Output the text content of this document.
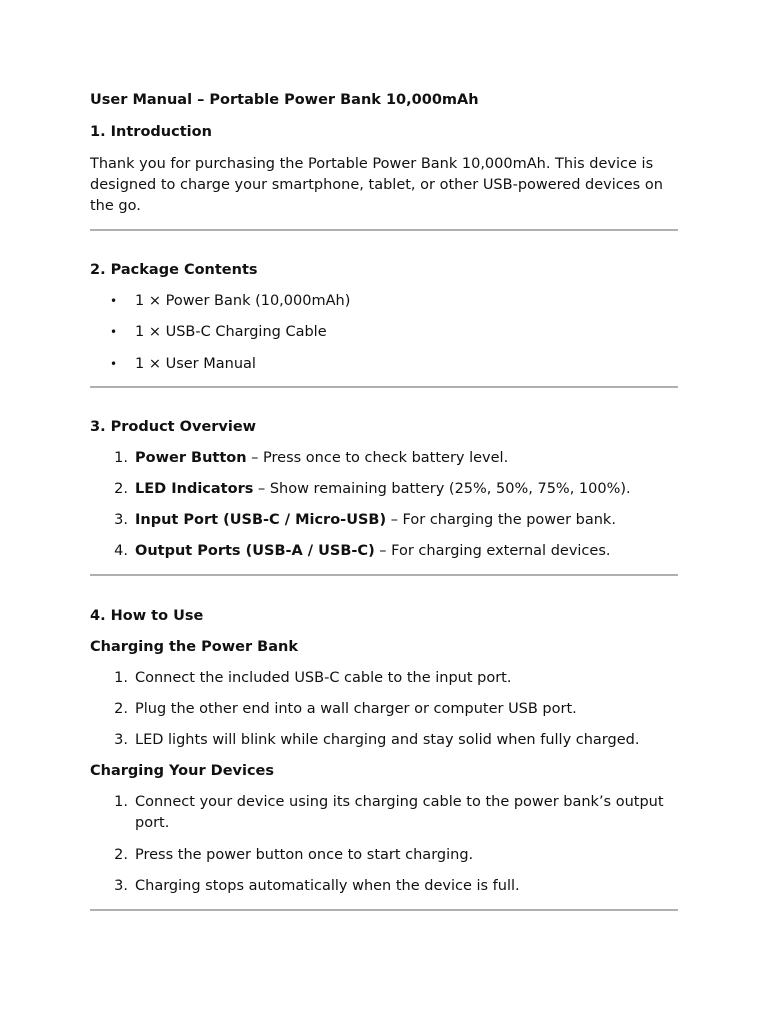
User Manual – Portable Power Bank 10,000mAh
1. Introduction

Thank you for purchasing the Portable Power Bank 10,000mAh. This device is designed to charge your smartphone, tablet, or other USB-powered devices on the go.

2. Package Contents
• 1 × Power Bank (10,000mAh)
• 1 × USB-C Charging Cable
• 1 × User Manual
3. Product Overview
1. Power Button – Press once to check battery level.
2. LED Indicators – Show remaining battery (25%, 50%, 75%, 100%).
3. Input Port (USB-C / Micro-USB) – For charging the power bank.
4. Output Ports (USB-A / USB-C) – For charging external devices.
4. How to Use
Charging the Power Bank
1. Connect the included USB-C cable to the input port.
2. Plug the other end into a wall charger or computer USB port.
3. LED lights will blink while charging and stay solid when fully charged.
Charging Your Devices
1. Connect your device using its charging cable to the power bank’s output port.
2. Press the power button once to start charging.
3. Charging stops automatically when the device is full.
